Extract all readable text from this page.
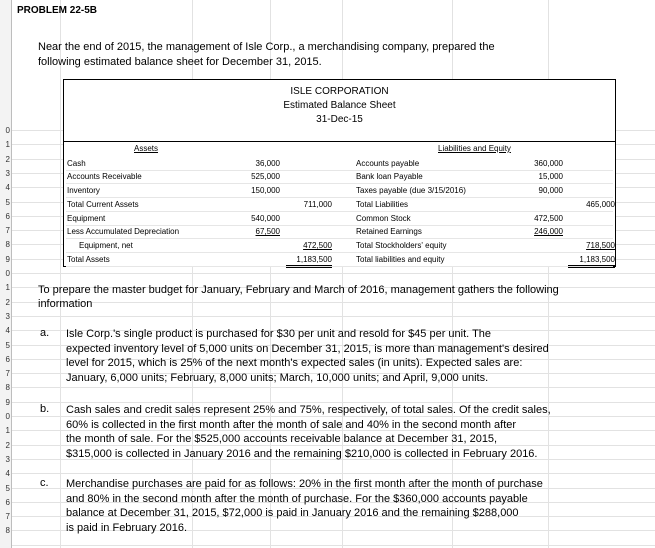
0
1
2
3
4
5
6
7
8
9
0
1
2
3
4
5
6
7
8
9
0
1
2
3
4
5
6
7
8
PROBLEM 22-5B
Near the end of 2015, the management of Isle Corp., a merchandising company, prepared the
following estimated balance sheet for December 31, 2015.
ISLE CORPORATION
Estimated Balance Sheet
31-Dec-15
Assets	Liabilities and Equity
Cash	36,000	Accounts payable	360,000
Accounts Receivable	525,000	Bank loan Payable	15,000
Inventory	150,000	Taxes payable (due 3/15/2016)	90,000
Total Current Assets	711,000	Total Liabilities	465,000
Equipment	540,000	Common Stock	472,500
Less Accumulated Depreciation	67,500	Retained Earnings	246,000
Equipment, net	472,500	Total Stockholders' equity	718,500
Total Assets	1,183,500	Total liabilities and equity	1,183,500
To prepare the master budget for January, February and March of 2016, management gathers the following
information
a. Isle Corp.'s single product is purchased for $30 per unit and resold for $45 per unit. The
expected inventory level of 5,000 units on December 31, 2015, is more than management's desired
level for 2015, which is 25% of the next month's expected sales (in units). Expected sales are:
January, 6,000 units; February, 8,000 units; March, 10,000 units; and April, 9,000 units.
b. Cash sales and credit sales represent 25% and 75%, respectively, of total sales. Of the credit sales,
60% is collected in the first month after the month of sale and 40% in the second month after
the month of sale. For the $525,000 accounts receivable balance at December 31, 2015,
$315,000 is collected in January 2016 and the remaining $210,000 is collected in February 2016.
c. Merchandise purchases are paid for as follows: 20% in the first month after the month of purchase
and 80% in the second month after the month of purchase. For the $360,000 accounts payable
balance at December 31, 2015, $72,000 is paid in January 2016 and the remaining $288,000
is paid in February 2016.
